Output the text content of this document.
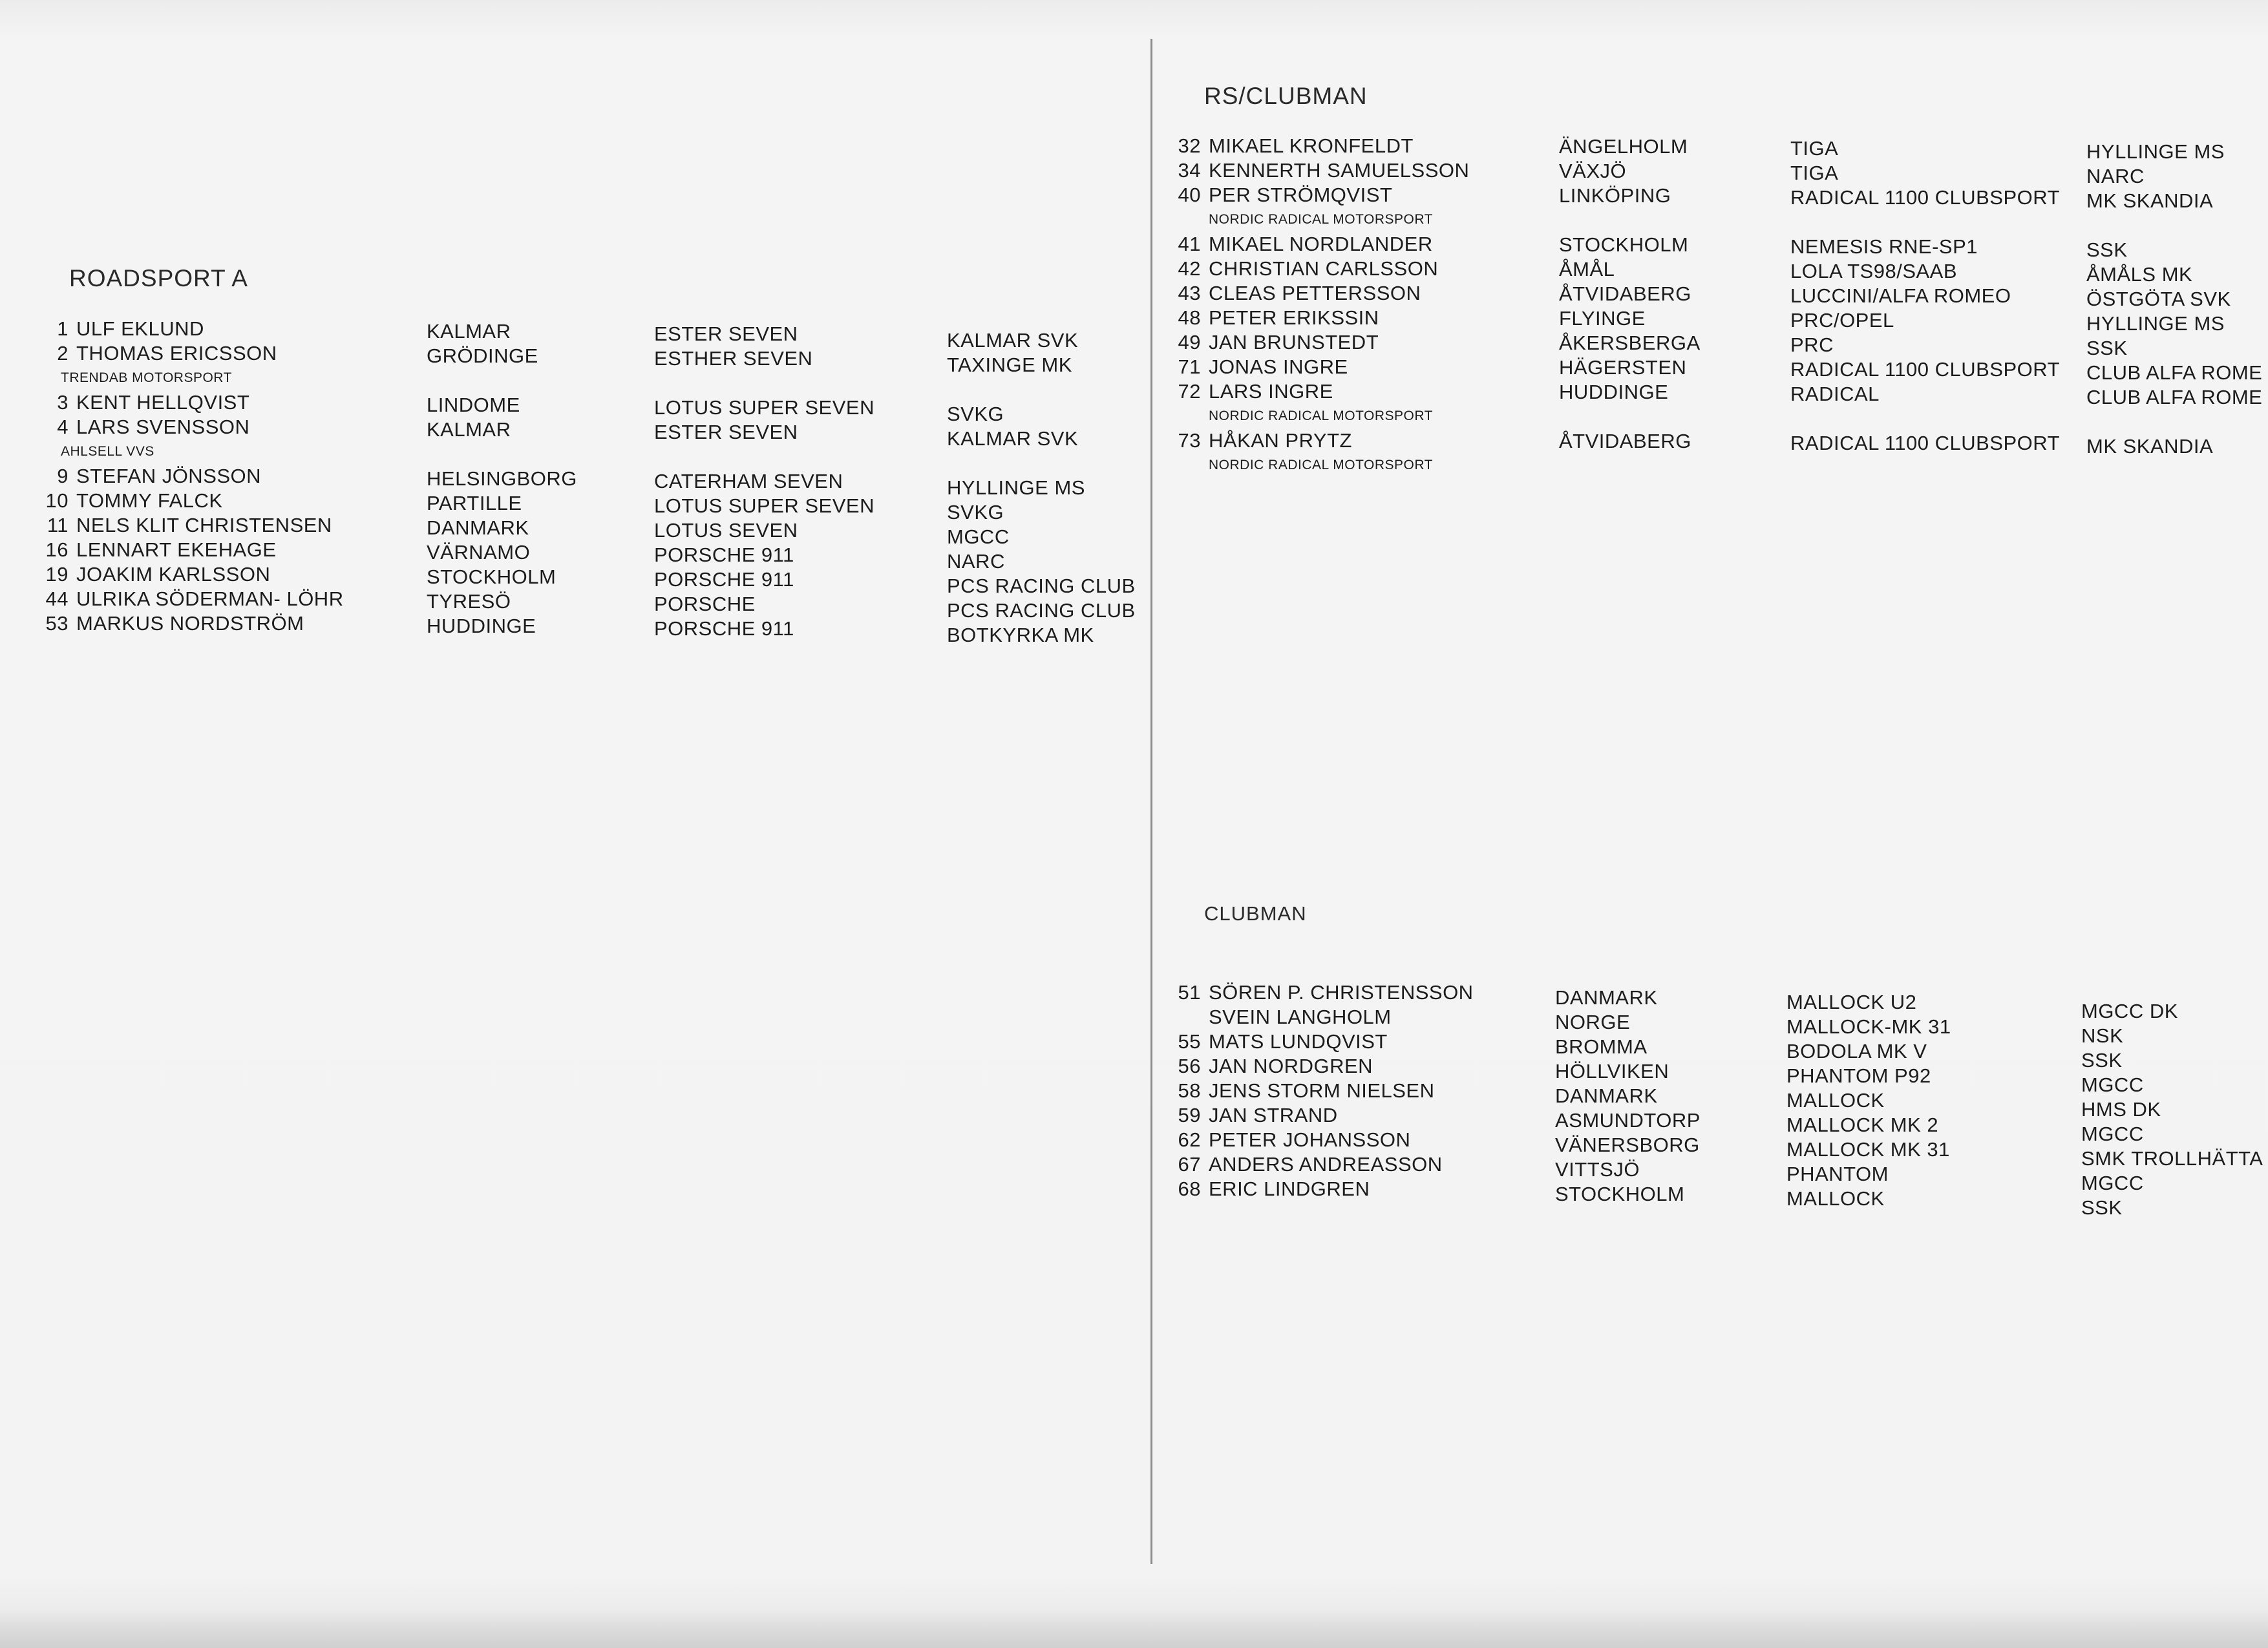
ROADSPORT A
1 ULF EKLUND
2 THOMAS ERICSSON
TRENDAB MOTORSPORT
3 KENT HELLQVIST
4 LARS SVENSSON
AHLSELL VVS
9 STEFAN JÖNSSON
10 TOMMY FALCK
11 NELS KLIT CHRISTENSEN
16 LENNART EKEHAGE
19 JOAKIM KARLSSON
44 ULRIKA SÖDERMAN- LÖHR
53 MARKUS NORDSTRÖM
KALMAR
GRÖDINGE
LINDOME
KALMAR
HELSINGBORG
PARTILLE
DANMARK
VÄRNAMO
STOCKHOLM
TYRESÖ
HUDDINGE
ESTER SEVEN
ESTHER SEVEN
LOTUS SUPER SEVEN
ESTER SEVEN
CATERHAM SEVEN
LOTUS SUPER SEVEN
LOTUS SEVEN
PORSCHE 911
PORSCHE 911
PORSCHE
PORSCHE 911
KALMAR SVK
TAXINGE MK
SVKG
KALMAR SVK
HYLLINGE MS
SVKG
MGCC
NARC
PCS RACING CLUB
PCS RACING CLUB
BOTKYRKA MK
RS/CLUBMAN
32 MIKAEL KRONFELDT
34 KENNERTH SAMUELSSON
40 PER STRÖMQVIST
NORDIC RADICAL MOTORSPORT
41 MIKAEL NORDLANDER
42 CHRISTIAN CARLSSON
43 CLEAS PETTERSSON
48 PETER ERIKSSIN
49 JAN BRUNSTEDT
71 JONAS INGRE
72 LARS INGRE
NORDIC RADICAL MOTORSPORT
73 HÅKAN PRYTZ
NORDIC RADICAL MOTORSPORT
ÄNGELHOLM
VÄXJÖ
LINKÖPING
STOCKHOLM
ÅMÅL
ÅTVIDABERG
FLYINGE
ÅKERSBERGA
HÄGERSTEN
HUDDINGE
ÅTVIDABERG
TIGA
TIGA
RADICAL 1100 CLUBSPORT
NEMESIS RNE-SP1
LOLA TS98/SAAB
LUCCINI/ALFA ROMEO
PRC/OPEL
PRC
RADICAL 1100 CLUBSPORT
RADICAL
RADICAL 1100 CLUBSPORT
HYLLINGE MS
NARC
MK SKANDIA
SSK
ÅMÅLS MK
ÖSTGÖTA SVK
HYLLINGE MS
SSK
CLUB ALFA ROME
CLUB ALFA ROME
MK SKANDIA
CLUBMAN
51 SÖREN P. CHRISTENSSON
SVEIN LANGHOLM
55 MATS LUNDQVIST
56 JAN NORDGREN
58 JENS STORM NIELSEN
59 JAN STRAND
62 PETER JOHANSSON
67 ANDERS ANDREASSON
68 ERIC LINDGREN
DANMARK
NORGE
BROMMA
HÖLLVIKEN
DANMARK
ASMUNDTORP
VÄNERSBORG
VITTSJÖ
STOCKHOLM
MALLOCK U2
MALLOCK-MK 31
BODOLA MK V
PHANTOM P92
MALLOCK
MALLOCK MK 2
MALLOCK MK 31
PHANTOM
MALLOCK
MGCC DK
NSK
SSK
MGCC
HMS DK
MGCC
SMK TROLLHÄTTA
MGCC
SSK
